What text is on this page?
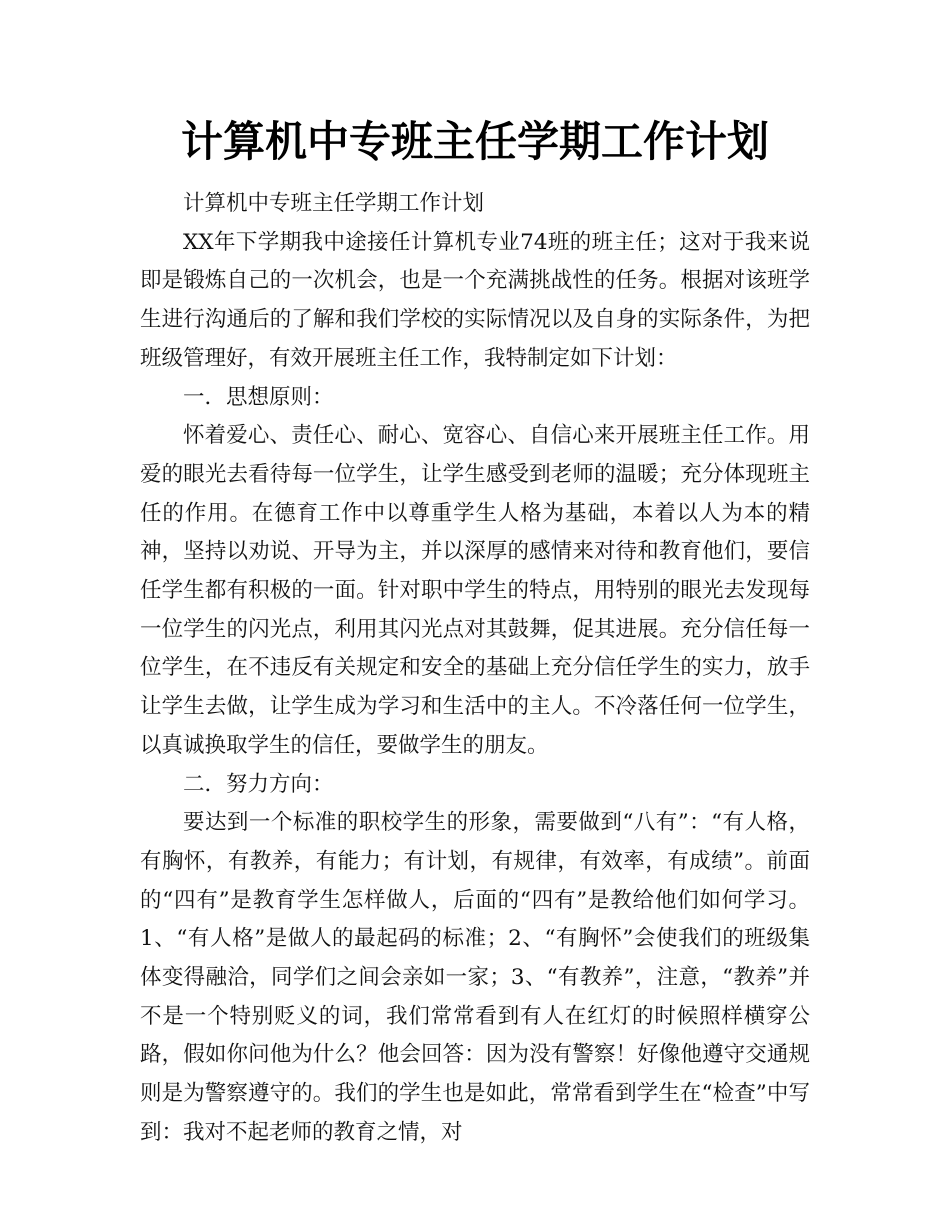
计算机中专班主任学期工作计划

计算机中专班主任学期工作计划

XX年下学期我中途接任计算机专业74班的班主任；这对于我来说即是锻炼自己的一次机会，也是一个充满挑战性的任务。根据对该班学生进行沟通后的了解和我们学校的实际情况以及自身的实际条件，为把班级管理好，有效开展班主任工作，我特制定如下计划：

一．思想原则：

怀着爱心、责任心、耐心、宽容心、自信心来开展班主任工作。用爱的眼光去看待每一位学生，让学生感受到老师的温暖；充分体现班主任的作用。在德育工作中以尊重学生人格为基础，本着以人为本的精神，坚持以劝说、开导为主，并以深厚的感情来对待和教育他们，要信任学生都有积极的一面。针对职中学生的特点，用特别的眼光去发现每一位学生的闪光点，利用其闪光点对其鼓舞，促其进展。充分信任每一位学生，在不违反有关规定和安全的基础上充分信任学生的实力，放手让学生去做，让学生成为学习和生活中的主人。不冷落任何一位学生，以真诚换取学生的信任，要做学生的朋友。

二．努力方向：

要达到一个标准的职校学生的形象，需要做到“八有”：“有人格，有胸怀，有教养，有能力；有计划，有规律，有效率，有成绩”。前面的“四有”是教育学生怎样做人，后面的“四有”是教给他们如何学习。1、“有人格”是做人的最起码的标准；2、“有胸怀”会使我们的班级集体变得融洽，同学们之间会亲如一家；3、“有教养”，注意，“教养”并不是一个特别贬义的词，我们常常看到有人在红灯的时候照样横穿公路，假如你问他为什么？他会回答：因为没有警察！好像他遵守交通规则是为警察遵守的。我们的学生也是如此，常常看到学生在“检查”中写到：我对不起老师的教育之情，对
